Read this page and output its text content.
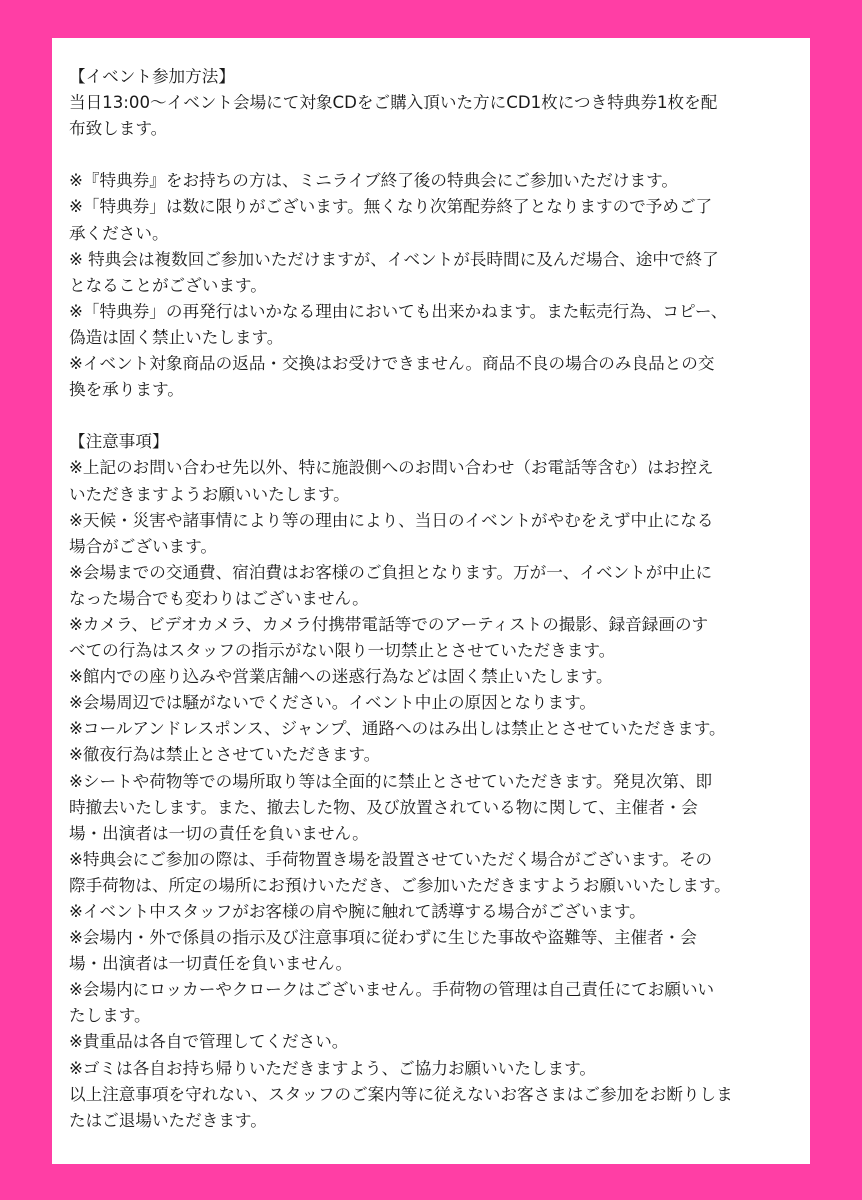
【イベント参加方法】
当日13:00〜イベント会場にて対象CDをご購入頂いた方にCD1枚につき特典券1枚を配
布致します。
※『特典券』をお持ちの方は、ミニライブ終了後の特典会にご参加いただけます。
※「特典券」は数に限りがございます。無くなり次第配券終了となりますので予めご了
承ください。
※ 特典会は複数回ご参加いただけますが、イベントが長時間に及んだ場合、途中で終了
となることがございます。
※「特典券」の再発行はいかなる理由においても出来かねます。また転売行為、コピー、
偽造は固く禁止いたします。
※イベント対象商品の返品・交換はお受けできません。商品不良の場合のみ良品との交
換を承ります。
【注意事項】
※上記のお問い合わせ先以外、特に施設側へのお問い合わせ（お電話等含む）はお控え
いただきますようお願いいたします。
※天候・災害や諸事情により等の理由により、当日のイベントがやむをえず中止になる
場合がございます。
※会場までの交通費、宿泊費はお客様のご負担となります。万が一、イベントが中止に
なった場合でも変わりはございません。
※カメラ、ビデオカメラ、カメラ付携帯電話等でのアーティストの撮影、録音録画のす
べての行為はスタッフの指示がない限り一切禁止とさせていただきます。
※館内での座り込みや営業店舗への迷惑行為などは固く禁止いたします。
※会場周辺では騒がないでください。イベント中止の原因となります。
※コールアンドレスポンス、ジャンプ、通路へのはみ出しは禁止とさせていただきます。
※徹夜行為は禁止とさせていただきます。
※シートや荷物等での場所取り等は全面的に禁止とさせていただきます。発見次第、即
時撤去いたします。また、撤去した物、及び放置されている物に関して、主催者・会
場・出演者は一切の責任を負いません。
※特典会にご参加の際は、手荷物置き場を設置させていただく場合がございます。その
際手荷物は、所定の場所にお預けいただき、ご参加いただきますようお願いいたします。
※イベント中スタッフがお客様の肩や腕に触れて誘導する場合がございます。
※会場内・外で係員の指示及び注意事項に従わずに生じた事故や盗難等、主催者・会
場・出演者は一切責任を負いません。
※会場内にロッカーやクロークはございません。手荷物の管理は自己責任にてお願いい
たします。
※貴重品は各自で管理してください。
※ゴミは各自お持ち帰りいただきますよう、ご協力お願いいたします。
以上注意事項を守れない、スタッフのご案内等に従えないお客さまはご参加をお断りしま
たはご退場いただきます。
